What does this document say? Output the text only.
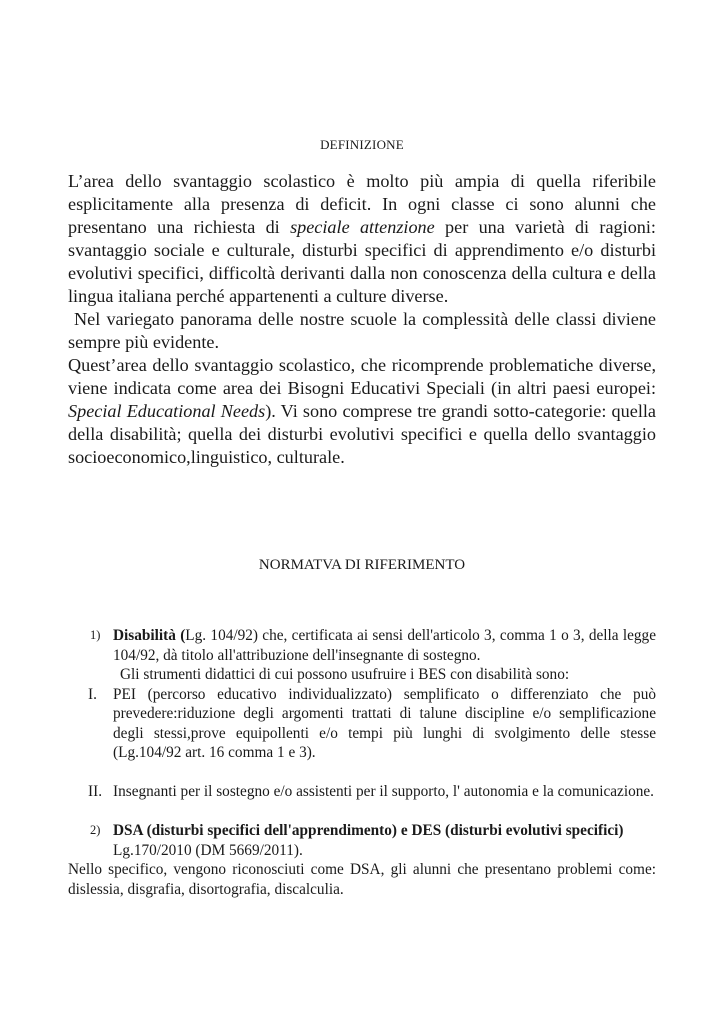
DEFINIZIONE

L’area dello svantaggio scolastico è molto più ampia di quella riferibile esplicitamente alla presenza di deficit. In ogni classe ci sono alunni che presentano una richiesta di speciale attenzione per una varietà di ragioni: svantaggio sociale e culturale, disturbi specifici di apprendimento e/o disturbi evolutivi specifici, difficoltà derivanti dalla non conoscenza della cultura e della lingua italiana perché appartenenti a culture diverse.

Nel variegato panorama delle nostre scuole la complessità delle classi diviene sempre più evidente.

Quest’area dello svantaggio scolastico, che ricomprende problematiche diverse, viene indicata come area dei Bisogni Educativi Speciali (in altri paesi europei: Special Educational Needs). Vi sono comprese tre grandi sotto-categorie: quella della disabilità; quella dei disturbi evolutivi specifici e quella dello svantaggio socioeconomico,linguistico, culturale.

NORMATVA DI RIFERIMENTO
1) Disabilità (Lg. 104/92) che, certificata ai sensi dell'articolo 3, comma 1 o 3, della legge 104/92, dà titolo all'attribuzione dell'insegnante di sostegno.
Gli strumenti didattici di cui possono usufruire i BES con disabilità sono:
I. PEI (percorso educativo individualizzato) semplificato o differenziato che può prevedere:riduzione degli argomenti trattati di talune discipline e/o semplificazione degli stessi,prove equipollenti e/o tempi più lunghi di svolgimento delle stesse (Lg.104/92 art. 16 comma 1 e 3).
II. Insegnanti per il sostegno e/o assistenti per il supporto, l' autonomia e la comunicazione.
2) DSA (disturbi specifici dell'apprendimento) e DES (disturbi evolutivi specifici)
Lg.170/2010 (DM 5669/2011).
Nello specifico, vengono riconosciuti come DSA, gli alunni che presentano problemi come: dislessia, disgrafia, disortografia, discalculia.
